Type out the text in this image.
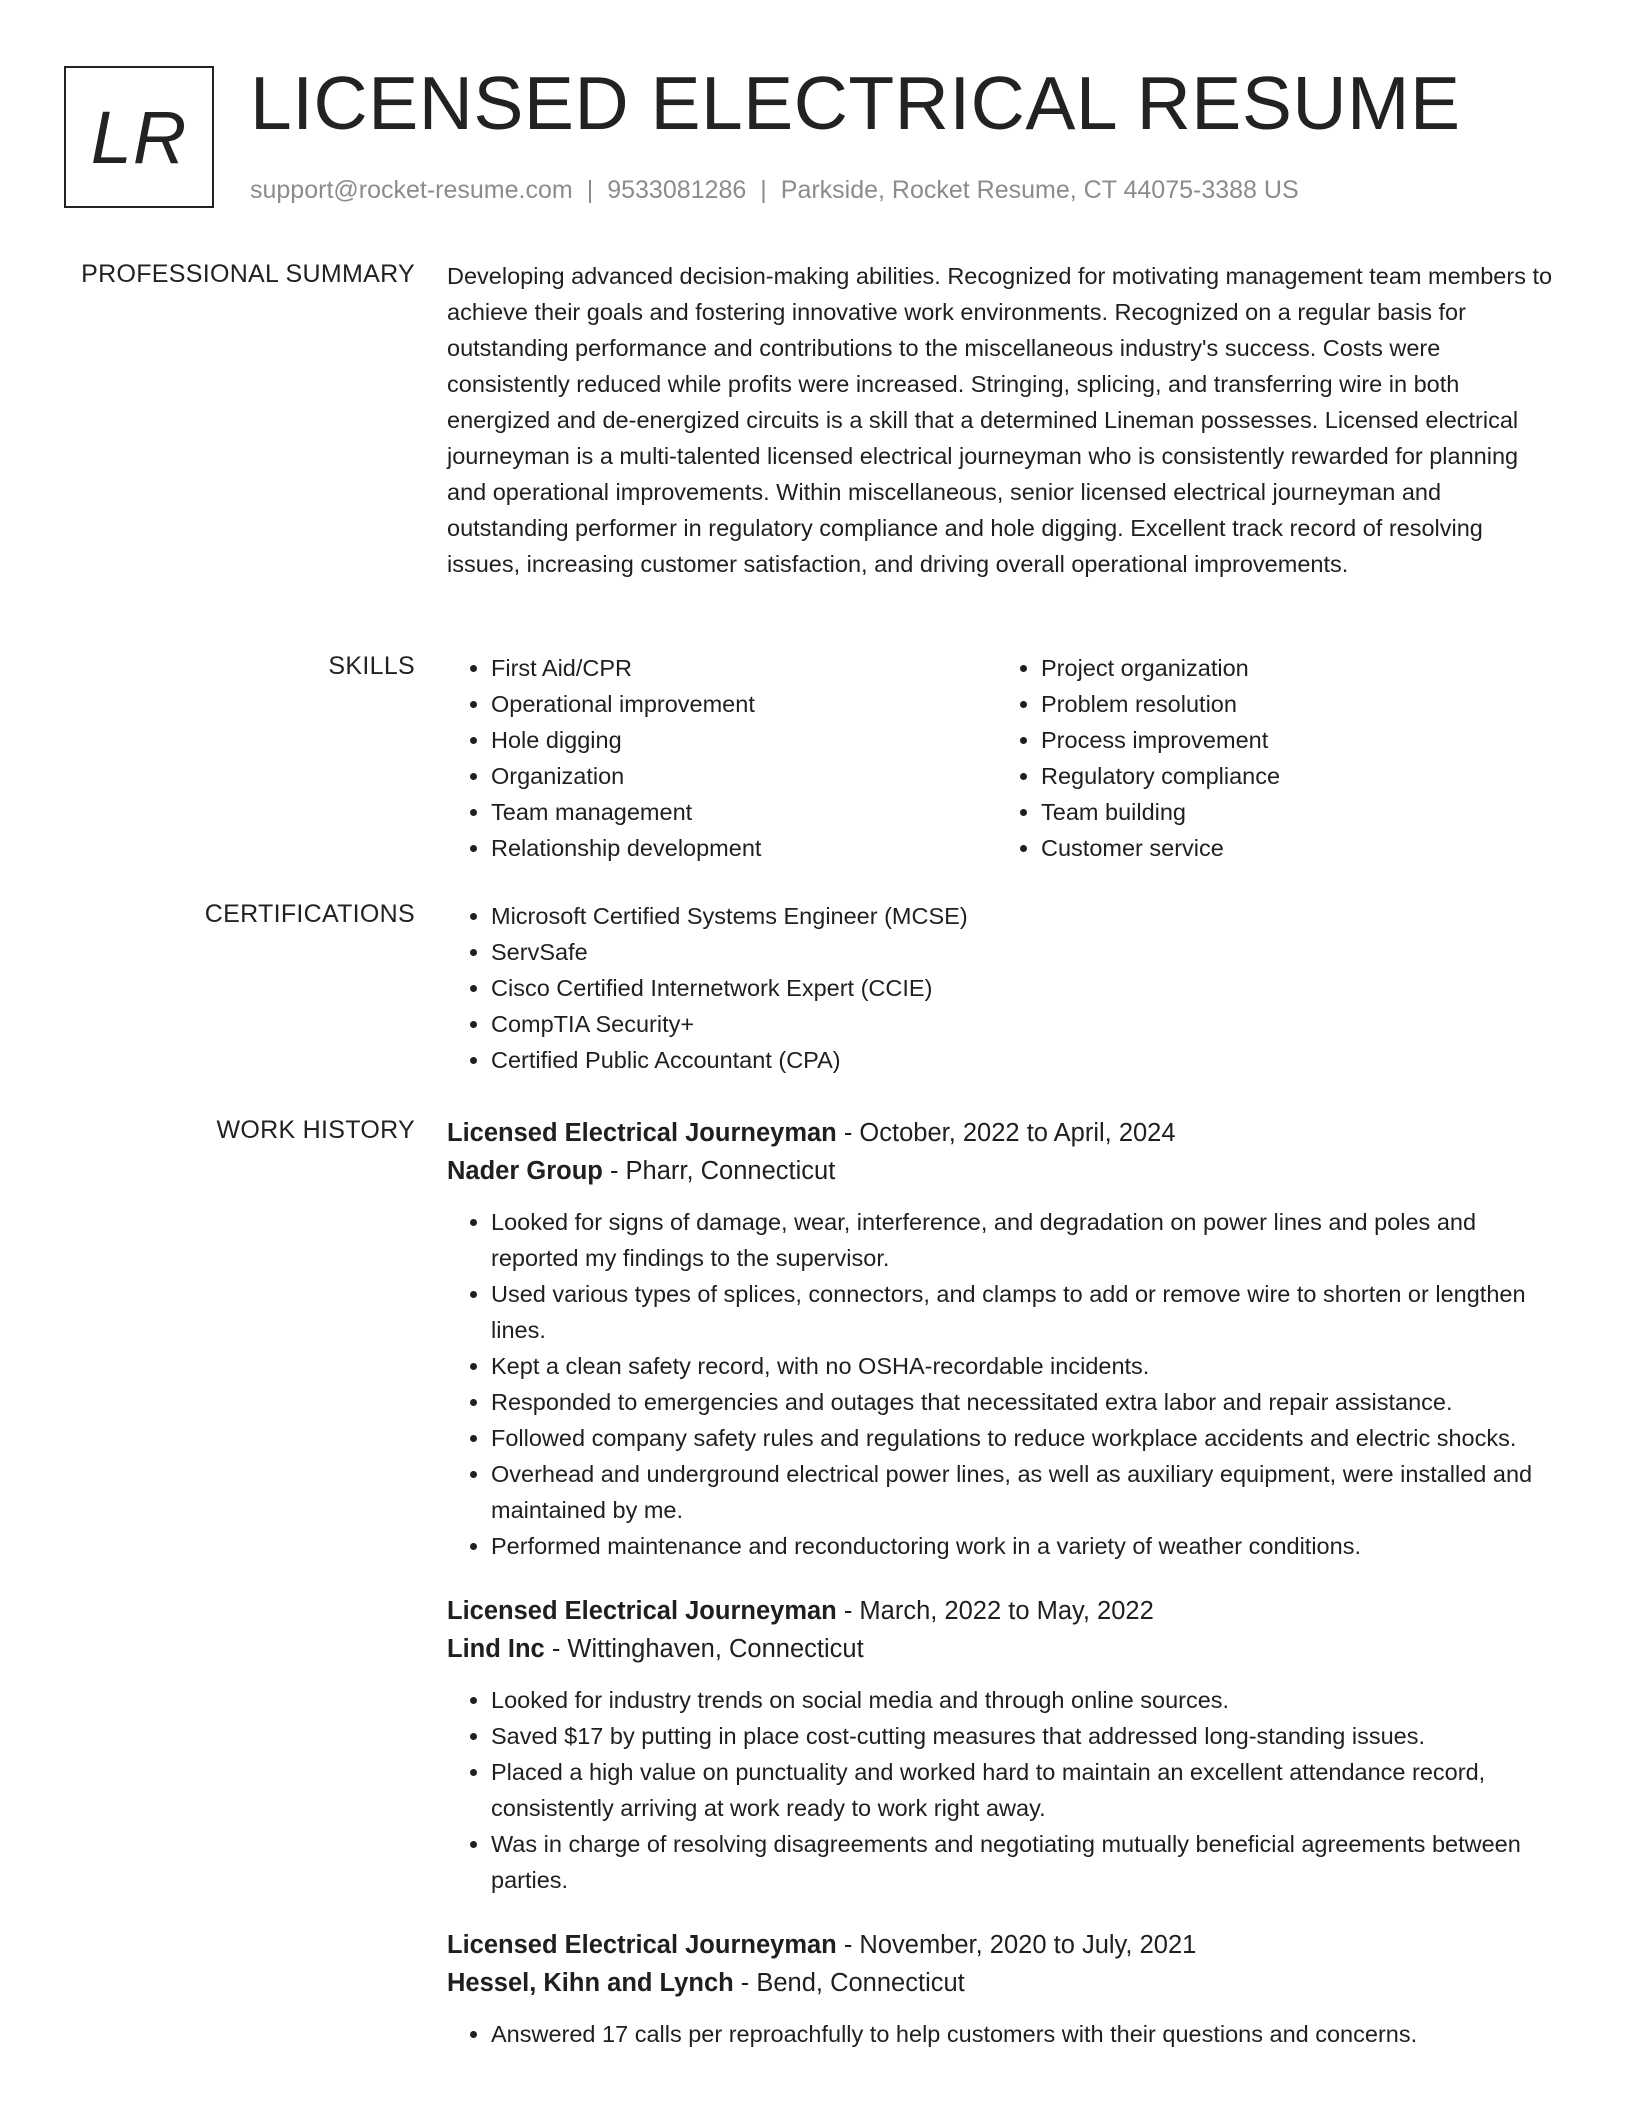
LR LICENSED ELECTRICAL RESUME
support@rocket-resume.com | 9533081286 | Parkside, Rocket Resume, CT 44075-3388 US
PROFESSIONAL SUMMARY Developing advanced decision-making abilities. Recognized for motivating management team members to achieve their goals and fostering innovative work environments. Recognized on a regular basis for outstanding performance and contributions to the miscellaneous industry's success. Costs were consistently reduced while profits were increased. Stringing, splicing, and transferring wire in both energized and de-energized circuits is a skill that a determined Lineman possesses. Licensed electrical journeyman is a multi-talented licensed electrical journeyman who is consistently rewarded for planning and operational improvements. Within miscellaneous, senior licensed electrical journeyman and outstanding performer in regulatory compliance and hole digging. Excellent track record of resolving issues, increasing customer satisfaction, and driving overall operational improvements.

SKILLS	• First Aid/CPR
• Operational improvement
• Hole digging
• Organization
• Team management
• Relationship development
• Project organization
• Problem resolution
• Process improvement
• Regulatory compliance
• Team building
• Customer service
CERTIFICATIONS	• Microsoft Certified Systems Engineer (MCSE)
• ServSafe
• Cisco Certified Internetwork Expert (CCIE)
• CompTIA Security+
• Certified Public Accountant (CPA)
WORK HISTORY Licensed Electrical Journeyman - October, 2022 to April, 2024
Nader Group - Pharr, Connecticut
• Looked for signs of damage, wear, interference, and degradation on power lines and poles and reported my findings to the supervisor.
• Used various types of splices, connectors, and clamps to add or remove wire to shorten or lengthen lines.
• Kept a clean safety record, with no OSHA-recordable incidents.
• Responded to emergencies and outages that necessitated extra labor and repair assistance.
• Followed company safety rules and regulations to reduce workplace accidents and electric shocks.
• Overhead and underground electrical power lines, as well as auxiliary equipment, were installed and maintained by me.
• Performed maintenance and reconductoring work in a variety of weather conditions.
Licensed Electrical Journeyman - March, 2022 to May, 2022
Lind Inc - Wittinghaven, Connecticut
• Looked for industry trends on social media and through online sources.
• Saved $17 by putting in place cost-cutting measures that addressed long-standing issues.
• Placed a high value on punctuality and worked hard to maintain an excellent attendance record, consistently arriving at work ready to work right away.
• Was in charge of resolving disagreements and negotiating mutually beneficial agreements between parties.
Licensed Electrical Journeyman - November, 2020 to July, 2021
Hessel, Kihn and Lynch - Bend, Connecticut
• Answered 17 calls per reproachfully to help customers with their questions and concerns.
